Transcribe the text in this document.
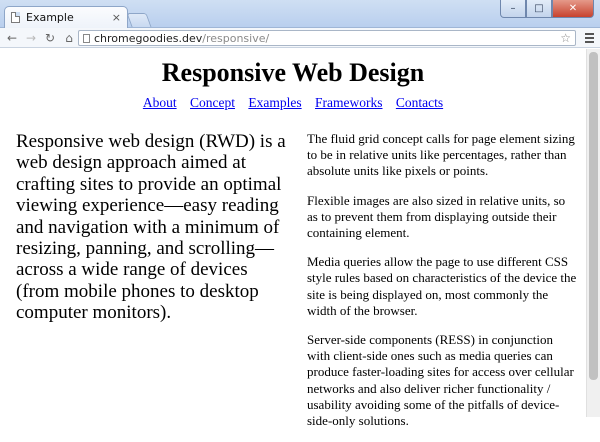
Example	×
–	□	✕
← → ↻ ⌂	chromegoodies.dev/responsive/	☆
Responsive Web Design
About Concept Examples Frameworks Contacts

Responsive web design (RWD) is a web design approach aimed at crafting sites to provide an optimal viewing experience—easy reading and navigation with a minimum of resizing, panning, and scrolling—across a wide range of devices (from mobile phones to desktop computer monitors).

The fluid grid concept calls for page element sizing to be in relative units like percentages, rather than absolute units like pixels or points.

Flexible images are also sized in relative units, so as to prevent them from displaying outside their containing element.

Media queries allow the page to use different CSS style rules based on characteristics of the device the site is being displayed on, most commonly the width of the browser.

Server-side components (RESS) in conjunction with client-side ones such as media queries can produce faster-loading sites for access over cellular networks and also deliver richer functionality / usability avoiding some of the pitfalls of device-side-only solutions.
